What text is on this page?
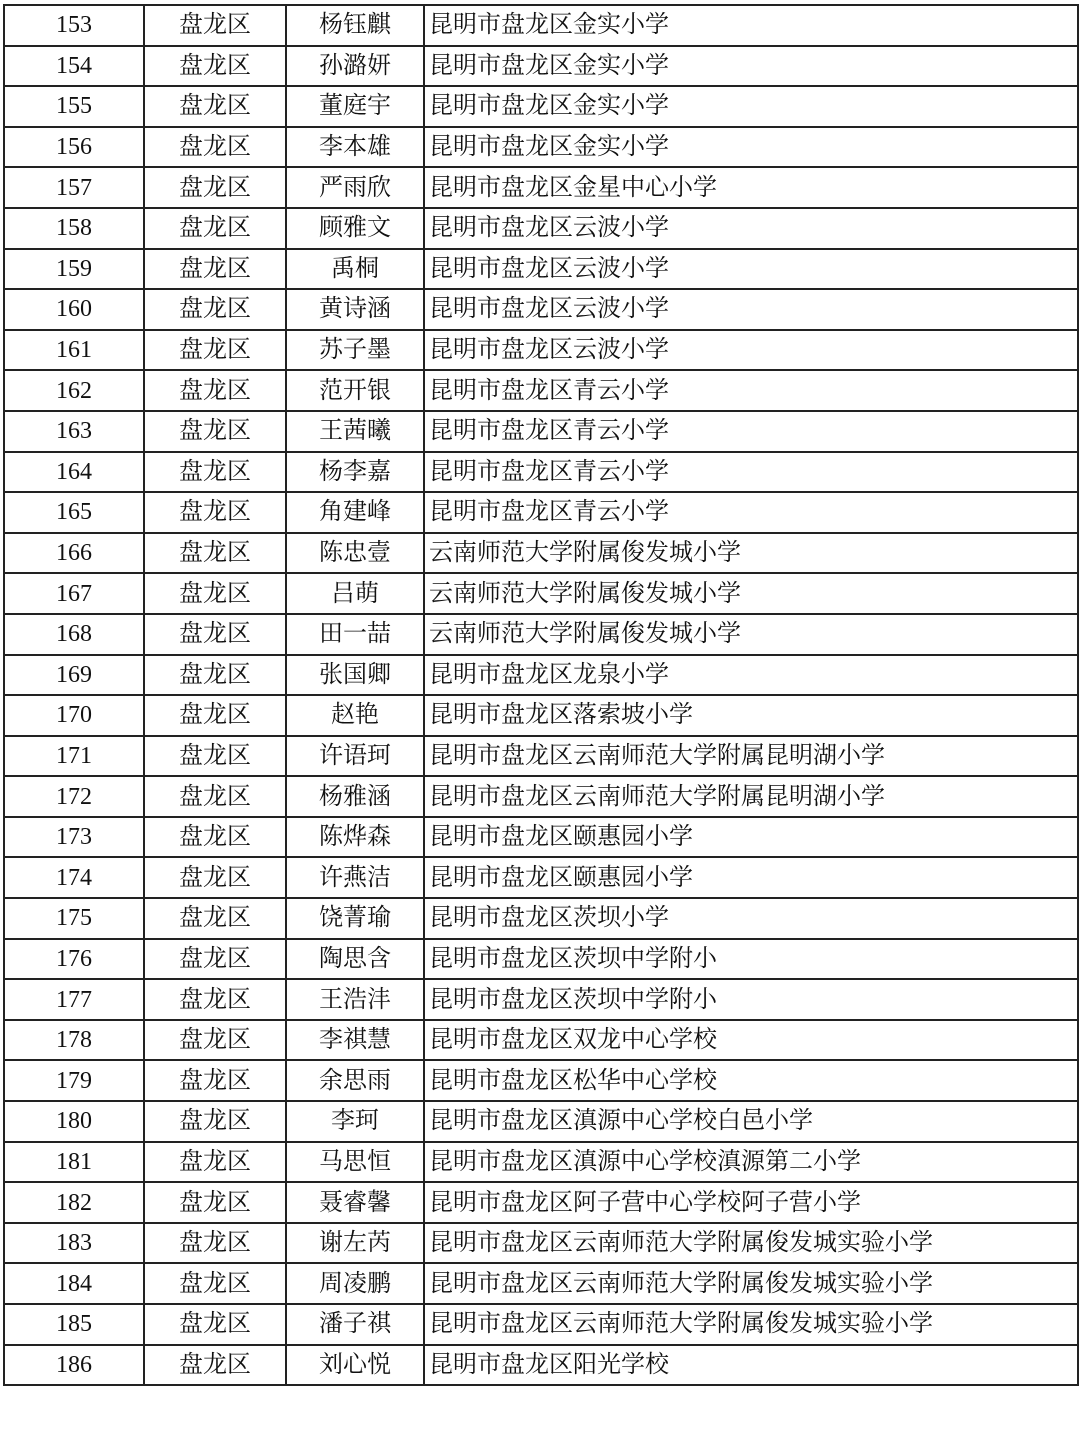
153	盘龙区	杨钰麒	昆明市盘龙区金实小学
154	盘龙区	孙潞妍	昆明市盘龙区金实小学
155	盘龙区	董庭宇	昆明市盘龙区金实小学
156	盘龙区	李本雄	昆明市盘龙区金实小学
157	盘龙区	严雨欣	昆明市盘龙区金星中心小学
158	盘龙区	顾雅文	昆明市盘龙区云波小学
159	盘龙区	禹桐	昆明市盘龙区云波小学
160	盘龙区	黄诗涵	昆明市盘龙区云波小学
161	盘龙区	苏子墨	昆明市盘龙区云波小学
162	盘龙区	范开银	昆明市盘龙区青云小学
163	盘龙区	王茜曦	昆明市盘龙区青云小学
164	盘龙区	杨李嘉	昆明市盘龙区青云小学
165	盘龙区	角建峰	昆明市盘龙区青云小学
166	盘龙区	陈忠壹	云南师范大学附属俊发城小学
167	盘龙区	吕萌	云南师范大学附属俊发城小学
168	盘龙区	田一喆	云南师范大学附属俊发城小学
169	盘龙区	张国卿	昆明市盘龙区龙泉小学
170	盘龙区	赵艳	昆明市盘龙区落索坡小学
171	盘龙区	许语珂	昆明市盘龙区云南师范大学附属昆明湖小学
172	盘龙区	杨雅涵	昆明市盘龙区云南师范大学附属昆明湖小学
173	盘龙区	陈烨森	昆明市盘龙区颐惠园小学
174	盘龙区	许燕洁	昆明市盘龙区颐惠园小学
175	盘龙区	饶菁瑜	昆明市盘龙区茨坝小学
176	盘龙区	陶思含	昆明市盘龙区茨坝中学附小
177	盘龙区	王浩沣	昆明市盘龙区茨坝中学附小
178	盘龙区	李祺慧	昆明市盘龙区双龙中心学校
179	盘龙区	余思雨	昆明市盘龙区松华中心学校
180	盘龙区	李珂	昆明市盘龙区滇源中心学校白邑小学
181	盘龙区	马思恒	昆明市盘龙区滇源中心学校滇源第二小学
182	盘龙区	聂睿馨	昆明市盘龙区阿子营中心学校阿子营小学
183	盘龙区	谢左芮	昆明市盘龙区云南师范大学附属俊发城实验小学
184	盘龙区	周凌鹏	昆明市盘龙区云南师范大学附属俊发城实验小学
185	盘龙区	潘子祺	昆明市盘龙区云南师范大学附属俊发城实验小学
186	盘龙区	刘心悦	昆明市盘龙区阳光学校
